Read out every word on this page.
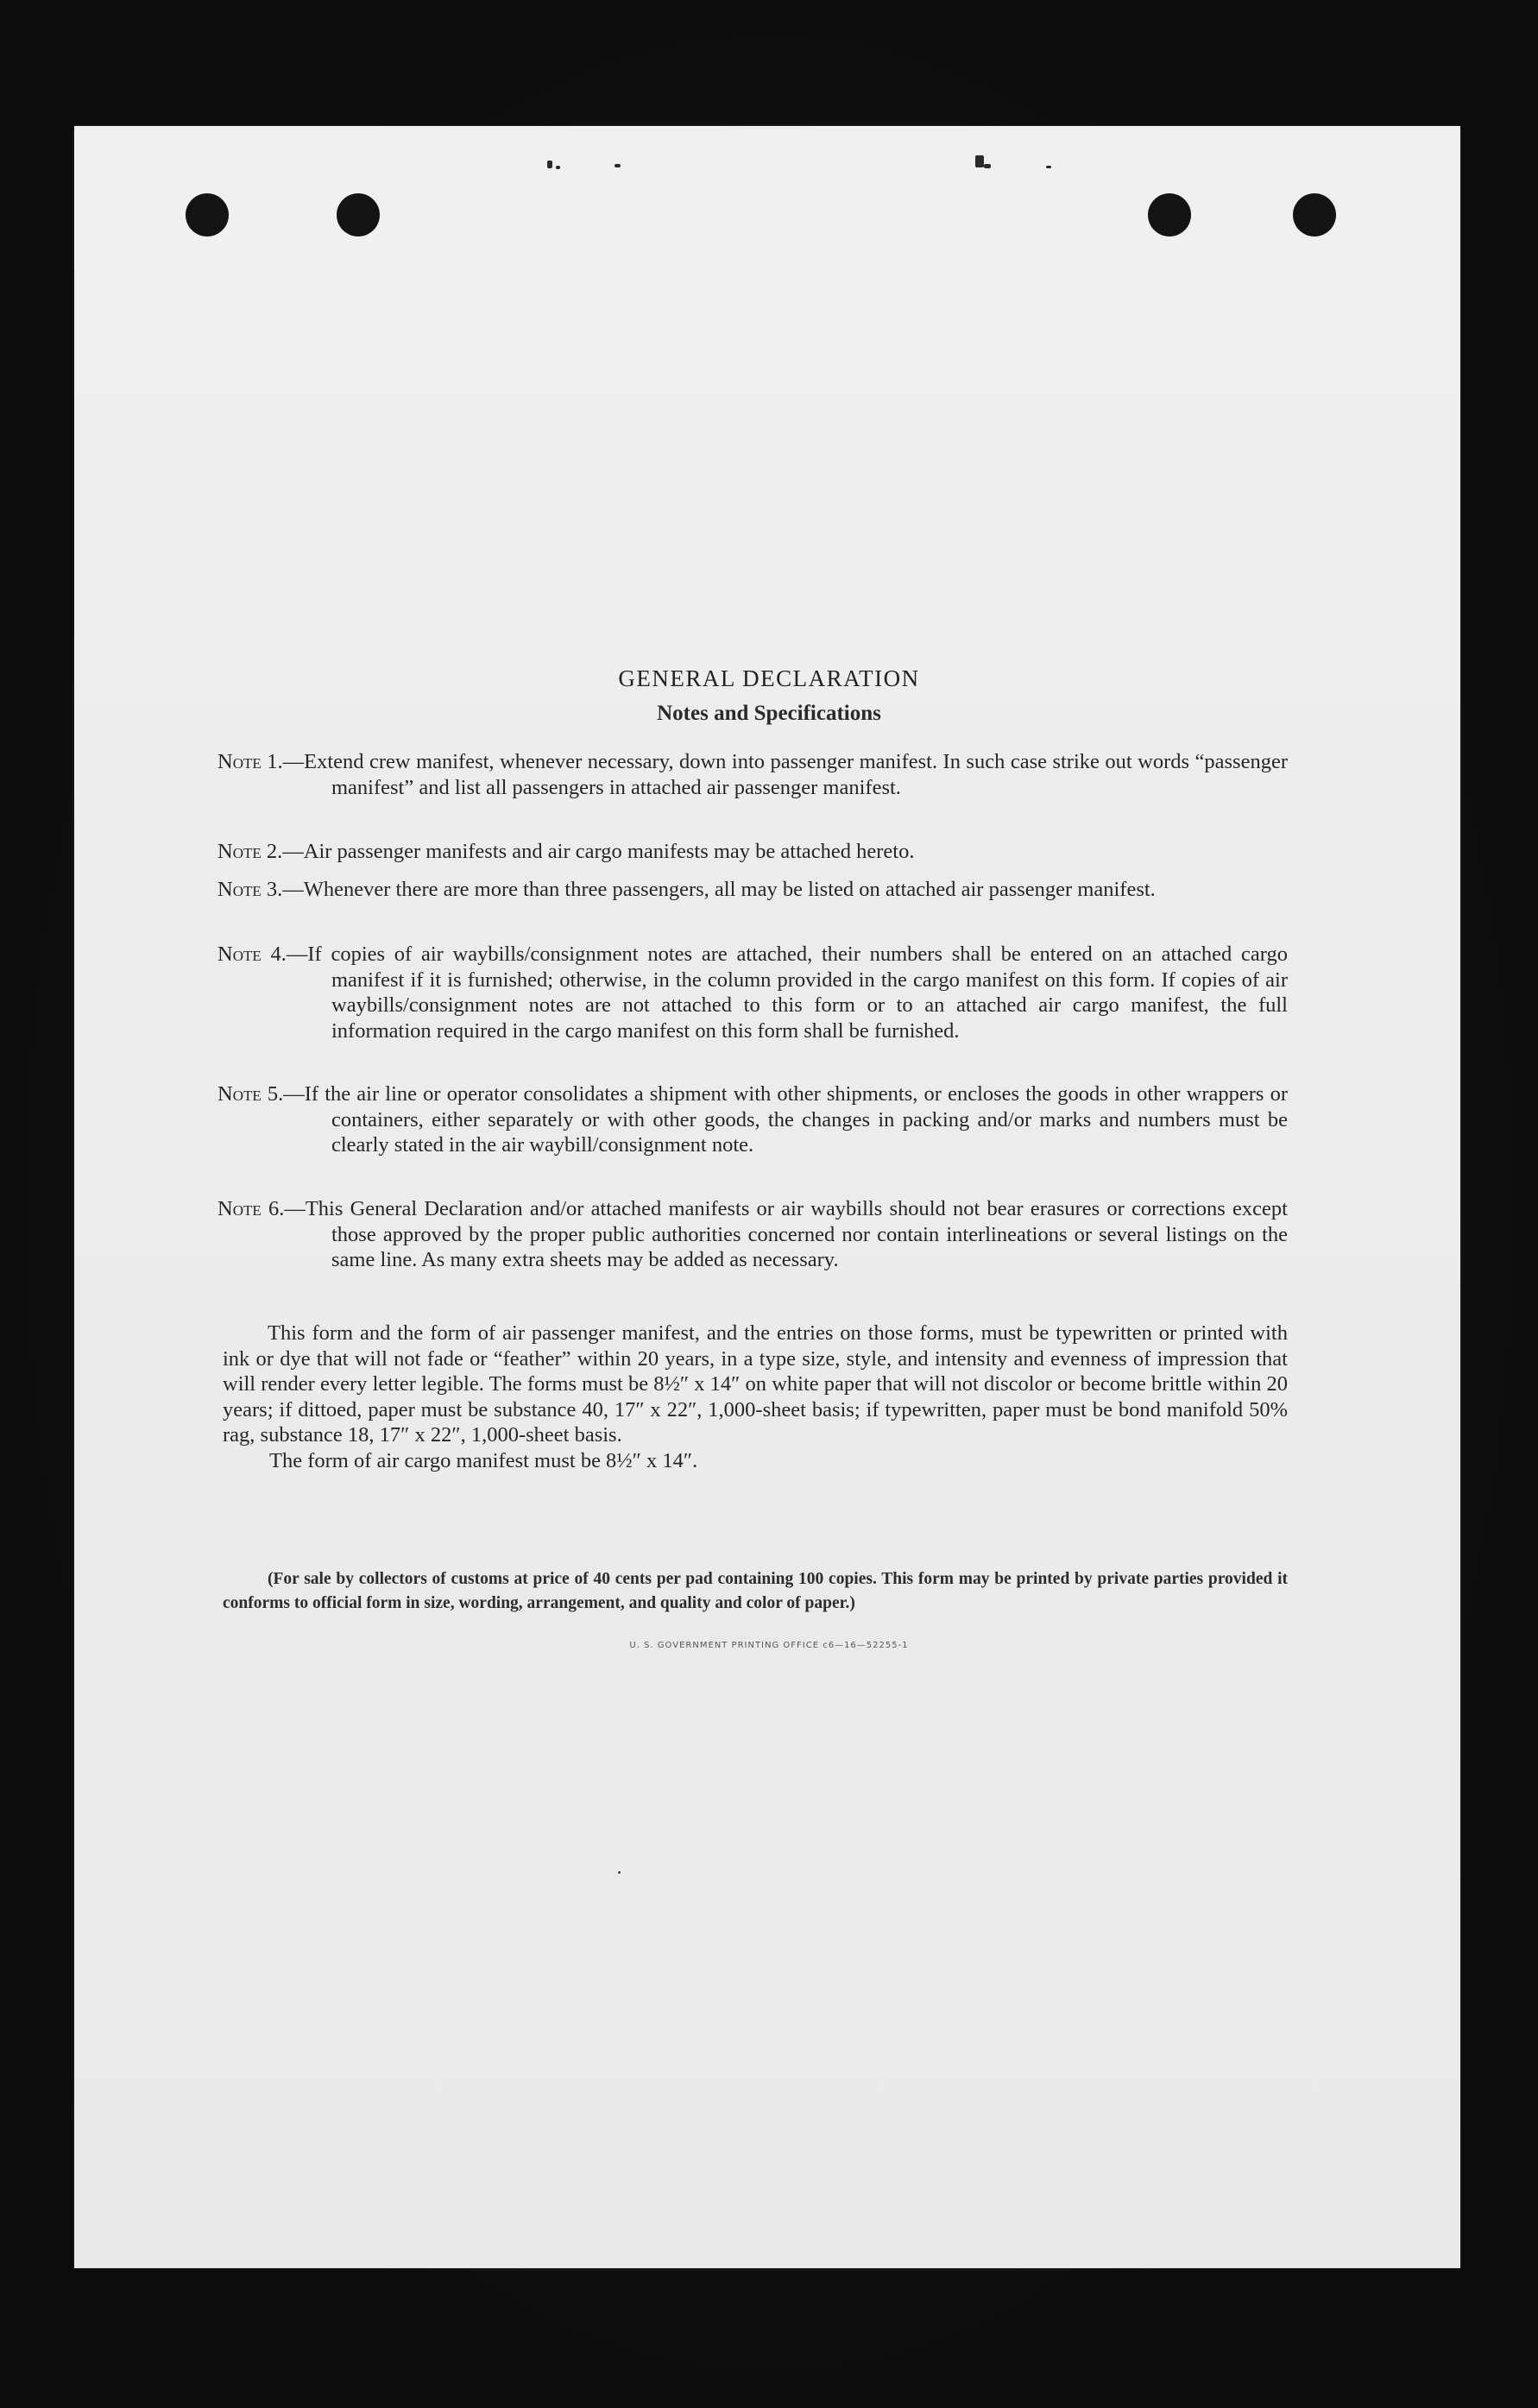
GENERAL DECLARATION
Notes and Specifications
Note 1.—Extend crew manifest, whenever necessary, down into passenger manifest. In such case strike out words “passenger manifest” and list all passengers in attached air passenger manifest.
Note 2.—Air passenger manifests and air cargo manifests may be attached hereto.
Note 3.—Whenever there are more than three passengers, all may be listed on attached air passenger manifest.
Note 4.—If copies of air waybills/consignment notes are attached, their numbers shall be entered on an attached cargo manifest if it is furnished; otherwise, in the column provided in the cargo manifest on this form. If copies of air waybills/consignment notes are not attached to this form or to an attached air cargo manifest, the full information required in the cargo manifest on this form shall be furnished.
Note 5.—If the air line or operator consolidates a shipment with other shipments, or encloses the goods in other wrappers or containers, either separately or with other goods, the changes in packing and/or marks and numbers must be clearly stated in the air waybill/consignment note.
Note 6.—This General Declaration and/or attached manifests or air waybills should not bear erasures or corrections except those approved by the proper public authorities concerned nor contain interlineations or several listings on the same line. As many extra sheets may be added as necessary.

This form and the form of air passenger manifest, and the entries on those forms, must be typewritten or printed with ink or dye that will not fade or “feather” within 20 years, in a type size, style, and intensity and evenness of impression that will render every letter legible. The forms must be 8½″ x 14″ on white paper that will not discolor or become brittle within 20 years; if dittoed, paper must be substance 40, 17″ x 22″, 1,000-sheet basis; if typewritten, paper must be bond manifold 50% rag, substance 18, 17″ x 22″, 1,000-sheet basis.

The form of air cargo manifest must be 8½″ x 14″.

(For sale by collectors of customs at price of 40 cents per pad containing 100 copies. This form may be printed by private parties provided it conforms to official form in size, wording, arrangement, and quality and color of paper.)
U. S. GOVERNMENT PRINTING OFFICE c6—16—52255-1
